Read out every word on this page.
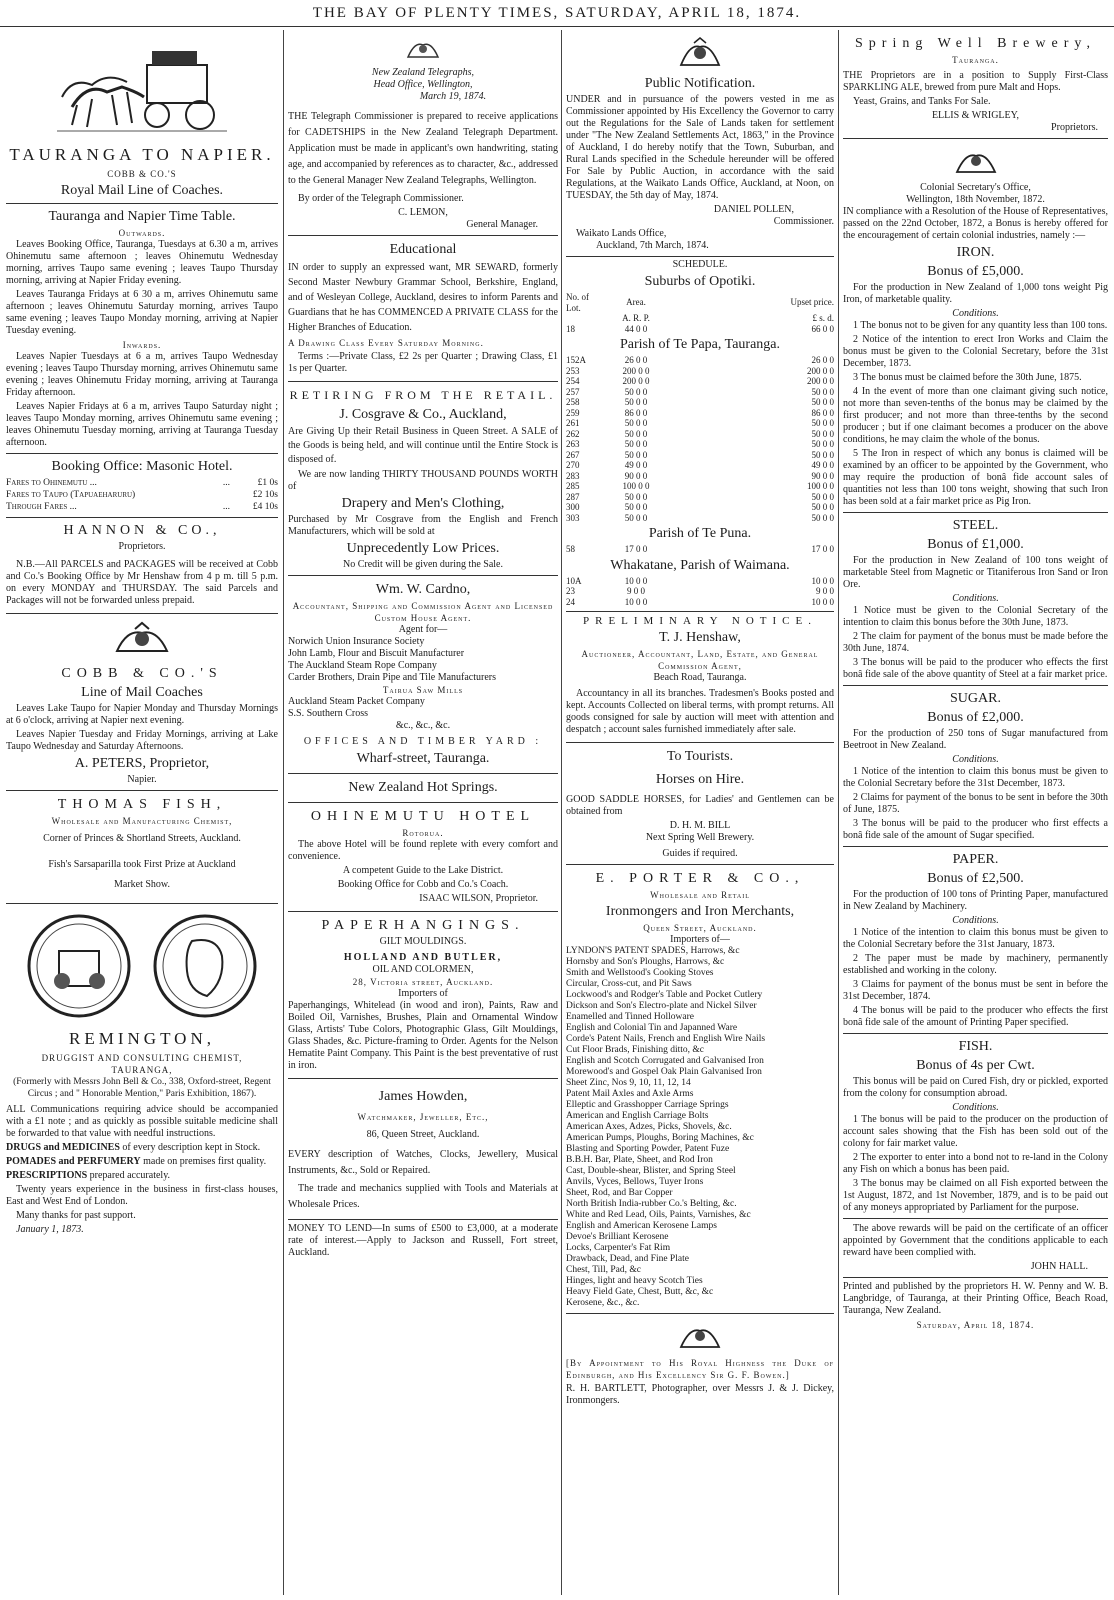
THE BAY OF PLENTY TIMES, SATURDAY, APRIL 18, 1874.
TAURANGA TO NAPIER.
COBB & CO.'S
Royal Mail Line of Coaches.
Tauranga and Napier Time Table.
Outwards.

Leaves Booking Office, Tauranga, Tuesdays at 6.30 a m, arrives Ohinemutu same afternoon ; leaves Ohinemutu Wednesday morning, arrives Taupo same evening ; leaves Taupo Thursday morning, arriving at Napier Friday evening.

Leaves Tauranga Fridays at 6 30 a m, arrives Ohinemutu same afternoon ; leaves Ohinemutu Saturday morning, arrives Taupo same evening ; leaves Taupo Monday morning, arriving at Napier Tuesday evening.

Inwards.

Leaves Napier Tuesdays at 6 a m, arrives Taupo Wednesday evening ; leaves Taupo Thursday morning, arrives Ohinemutu same evening ; leaves Ohinemutu Friday morning, arriving at Tauranga Friday afternoon.

Leaves Napier Fridays at 6 a m, arrives Taupo Saturday night ; leaves Taupo Monday morning, arrives Ohinemutu same evening ; leaves Ohinemutu Tuesday morning, arriving at Tauranga Tuesday afternoon.

Booking Office: Masonic Hotel.
Fares to Ohinemutu ...	...	£1 0s
Fares to Taupo (Tapuaeharuru)	£2 10s
Through Fares ...	...	£4 10s
HANNON & CO.,
Proprietors.

N.B.—All PARCELS and PACKAGES will be received at Cobb and Co.'s Booking Office by Mr Henshaw from 4 p m. till 5 p.m. on every MONDAY and THURSDAY. The said Parcels and Packages will not be forwarded unless prepaid.

COBB & CO.'S
Line of Mail Coaches

Leaves Lake Taupo for Napier Monday and Thursday Mornings at 6 o'clock, arriving at Napier next evening.

Leaves Napier Tuesday and Friday Mornings, arriving at Lake Taupo Wednesday and Saturday Afternoons.

A. PETERS, Proprietor,
Napier.
THOMAS FISH,
Wholesale and Manufacturing Chemist,
Corner of Princes & Shortland Streets, Auckland.
Fish's Sarsaparilla took First Prize at Auckland
Market Show.
REMINGTON,
DRUGGIST AND CONSULTING CHEMIST,
TAURANGA,

(Formerly with Messrs John Bell & Co., 338, Oxford-street, Regent Circus ; and " Honorable Mention," Paris Exhibition, 1867).

ALL Communications requiring advice should be accompanied with a £1 note ; and as quickly as possible suitable medicine shall be forwarded to that value with needful instructions.

DRUGS and MEDICINES of every description kept in Stock.

POMADES and PERFUMERY made on premises first quality.

PRESCRIPTIONS prepared accurately.

Twenty years experience in the business in first-class houses, East and West End of London.

Many thanks for past support.

January 1, 1873.

New Zealand Telegraphs,
Head Office, Wellington,
March 19, 1874.

THE Telegraph Commissioner is prepared to receive applications for CADETSHIPS in the New Zealand Telegraph Department. Application must be made in applicant's own handwriting, stating age, and accompanied by references as to character, &c., addressed to the General Manager New Zealand Telegraphs, Wellington.

By order of the Telegraph Commissioner.

C. LEMON,
General Manager.
Educational

IN order to supply an expressed want, MR SEWARD, formerly Second Master Newbury Grammar School, Berkshire, England, and of Wesleyan College, Auckland, desires to inform Parents and Guardians that he has COMMENCED A PRIVATE CLASS for the Higher Branches of Education.

A Drawing Class Every Saturday Morning.

Terms :—Private Class, £2 2s per Quarter ; Drawing Class, £1 1s per Quarter.

RETIRING FROM THE RETAIL.
J. Cosgrave & Co., Auckland,

Are Giving Up their Retail Business in Queen Street. A SALE of the Goods is being held, and will continue until the Entire Stock is disposed of.

We are now landing THIRTY THOUSAND POUNDS WORTH of

Drapery and Men's Clothing,

Purchased by Mr Cosgrave from the English and French Manufacturers, which will be sold at

Unprecedently Low Prices.
No Credit will be given during the Sale.
Wm. W. Cardno,
Accountant, Shipping and Commission Agent and Licensed Custom House Agent.
Agent for—

Norwich Union Insurance Society

John Lamb, Flour and Biscuit Manufacturer

The Auckland Steam Rope Company

Carder Brothers, Drain Pipe and Tile Manufacturers

Tairua Saw Mills

Auckland Steam Packet Company

S.S. Southern Cross

&c., &c., &c.
OFFICES AND TIMBER YARD :
Wharf-street, Tauranga.
New Zealand Hot Springs.
OHINEMUTU HOTEL
Rotorua.

The above Hotel will be found replete with every comfort and convenience.

A competent Guide to the Lake District.

Booking Office for Cobb and Co.'s Coach.

ISAAC WILSON, Proprietor.

PAPERHANGINGS.
GILT MOULDINGS.
HOLLAND AND BUTLER,
OIL AND COLORMEN,
28, Victoria street, Auckland.
Importers of

Paperhangings, Whitelead (in wood and iron), Paints, Raw and Boiled Oil, Varnishes, Brushes, Plain and Ornamental Window Glass, Artists' Tube Colors, Photographic Glass, Gilt Mouldings, Glass Shades, &c. Picture-framing to Order. Agents for the Nelson Hematite Paint Company. This Paint is the best preventative of rust in iron.

James Howden,
Watchmaker, Jeweller, Etc.,
86, Queen Street, Auckland.

EVERY description of Watches, Clocks, Jewellery, Musical Instruments, &c., Sold or Repaired.

The trade and mechanics supplied with Tools and Materials at Wholesale Prices.

MONEY TO LEND—In sums of £500 to £3,000, at a moderate rate of interest.—Apply to Jackson and Russell, Fort street, Auckland.

Public Notification.

UNDER and in pursuance of the powers vested in me as Commissioner appointed by His Excellency the Governor to carry out the Regulations for the Sale of Lands taken for settlement under "The New Zealand Settlements Act, 1863," in the Province of Auckland, I do hereby notify that the Town, Suburban, and Rural Lands specified in the Schedule hereunder will be offered For Sale by Public Auction, in accordance with the said Regulations, at the Waikato Lands Office, Auckland, at Noon, on TUESDAY, the 5th day of May, 1874.

DANIEL POLLEN,
Commissioner.
Waikato Lands Office,
Auckland, 7th March, 1874.
SCHEDULE.
Suburbs of Opotiki.
No. of Lot.	Area.	Upset price.
	A. R. P.	£ s. d.
18	44 0 0	66 0 0
Parish of Te Papa, Tauranga.
152A	26 0 0	26 0 0
253	200 0 0	200 0 0
254	200 0 0	200 0 0
257	50 0 0	50 0 0
258	50 0 0	50 0 0
259	86 0 0	86 0 0
261	50 0 0	50 0 0
262	50 0 0	50 0 0
263	50 0 0	50 0 0
267	50 0 0	50 0 0
270	49 0 0	49 0 0
283	90 0 0	90 0 0
285	100 0 0	100 0 0
287	50 0 0	50 0 0
300	50 0 0	50 0 0
303	50 0 0	50 0 0
Parish of Te Puna.
58	17 0 0	17 0 0
Whakatane, Parish of Waimana.
10A	10 0 0	10 0 0
23	9 0 0	9 0 0
24	10 0 0	10 0 0
PRELIMINARY NOTICE.
T. J. Henshaw,
Auctioneer, Accountant, Land, Estate, and General Commission Agent,
Beach Road, Tauranga.

Accountancy in all its branches. Tradesmen's Books posted and kept. Accounts Collected on liberal terms, with prompt returns. All goods consigned for sale by auction will meet with attention and despatch ; account sales furnished immediately after sale.

To Tourists.
Horses on Hire.

GOOD SADDLE HORSES, for Ladies' and Gentlemen can be obtained from

D. H. M. BILL
Next Spring Well Brewery.
Guides if required.
E. PORTER & CO.,
Wholesale and Retail
Ironmongers and Iron Merchants,
Queen Street, Auckland.
Importers of—

LYNDON'S PATENT SPADES, Harrows, &c

Hornsby and Son's Ploughs, Harrows, &c

Smith and Wellstood's Cooking Stoves

Circular, Cross-cut, and Pit Saws

Lockwood's and Rodger's Table and Pocket Cutlery

Dickson and Son's Electro-plate and Nickel Silver

Enamelled and Tinned Holloware

English and Colonial Tin and Japanned Ware

Corde's Patent Nails, French and English Wire Nails

Cut Floor Brads, Finishing ditto, &c

English and Scotch Corrugated and Galvanised Iron

Morewood's and Gospel Oak Plain Galvanised Iron

Sheet Zinc, Nos 9, 10, 11, 12, 14

Patent Mail Axles and Axle Arms

Elleptic and Grasshopper Carriage Springs

American and English Carriage Bolts

American Axes, Adzes, Picks, Shovels, &c.

American Pumps, Ploughs, Boring Machines, &c

Blasting and Sporting Powder, Patent Fuze

B.B.H. Bar, Plate, Sheet, and Rod Iron

Cast, Double-shear, Blister, and Spring Steel

Anvils, Vyces, Bellows, Tuyer Irons

Sheet, Rod, and Bar Copper

North British India-rubber Co.'s Belting, &c.

White and Red Lead, Oils, Paints, Varnishes, &c

English and American Kerosene Lamps

Devoe's Brilliant Kerosene

Locks, Carpenter's Fat Rim

Drawback, Dead, and Fine Plate

Chest, Till, Pad, &c

Hinges, light and heavy Scotch Ties

Heavy Field Gate, Chest, Butt, &c, &c

Kerosene, &c., &c.

[By Appointment to His Royal Highness the Duke of Edinburgh, and His Excellency Sir G. F. Bowen.]

R. H. BARTLETT, Photographer, over Messrs J. & J. Dickey, Ironmongers.

Spring Well Brewery,
Tauranga.

THE Proprietors are in a position to Supply First-Class SPARKLING ALE, brewed from pure Malt and Hops.

Yeast, Grains, and Tanks For Sale.

ELLIS & WRIGLEY,
Proprietors.
Colonial Secretary's Office,
Wellington, 18th November, 1872.

IN compliance with a Resolution of the House of Representatives, passed on the 22nd October, 1872, a Bonus is hereby offered for the encouragement of certain colonial industries, namely :—

IRON.
Bonus of £5,000.

For the production in New Zealand of 1,000 tons weight Pig Iron, of marketable quality.

Conditions.

1 The bonus not to be given for any quantity less than 100 tons.

2 Notice of the intention to erect Iron Works and Claim the bonus must be given to the Colonial Secretary, before the 31st December, 1873.

3 The bonus must be claimed before the 30th June, 1875.

4 In the event of more than one claimant giving such notice, not more than seven-tenths of the bonus may be claimed by the first producer; and not more than three-tenths by the second producer ; but if one claimant becomes a producer on the above conditions, he may claim the whole of the bonus.

5 The Iron in respect of which any bonus is claimed will be examined by an officer to be appointed by the Government, who may require the production of bonâ fide account sales of quantities not less than 100 tons weight, showing that such Iron has been sold at a fair market price as Pig Iron.

STEEL.
Bonus of £1,000.

For the production in New Zealand of 100 tons weight of marketable Steel from Magnetic or Titaniferous Iron Sand or Iron Ore.

Conditions.

1 Notice must be given to the Colonial Secretary of the intention to claim this bonus before the 30th June, 1873.

2 The claim for payment of the bonus must be made before the 30th June, 1874.

3 The bonus will be paid to the producer who effects the first bonâ fide sale of the above quantity of Steel at a fair market price.

SUGAR.
Bonus of £2,000.

For the production of 250 tons of Sugar manufactured from Beetroot in New Zealand.

Conditions.

1 Notice of the intention to claim this bonus must be given to the Colonial Secretary before the 31st December, 1873.

2 Claims for payment of the bonus to be sent in before the 30th of June, 1875.

3 The bonus will be paid to the producer who first effects a bonâ fide sale of the amount of Sugar specified.

PAPER.
Bonus of £2,500.

For the production of 100 tons of Printing Paper, manufactured in New Zealand by Machinery.

Conditions.

1 Notice of the intention to claim this bonus must be given to the Colonial Secretary before the 31st January, 1873.

2 The paper must be made by machinery, permanently established and working in the colony.

3 Claims for payment of the bonus must be sent in before the 31st December, 1874.

4 The bonus will be paid to the producer who effects the first bonâ fide sale of the amount of Printing Paper specified.

FISH.
Bonus of 4s per Cwt.

This bonus will be paid on Cured Fish, dry or pickled, exported from the colony for consumption abroad.

Conditions.

1 The bonus will be paid to the producer on the production of account sales showing that the Fish has been sold out of the colony for fair market value.

2 The exporter to enter into a bond not to re-land in the Colony any Fish on which a bonus has been paid.

3 The bonus may be claimed on all Fish exported between the 1st August, 1872, and 1st November, 1879, and is to be paid out of any moneys appropriated by Parliament for the purpose.

The above rewards will be paid on the certificate of an officer appointed by Government that the conditions applicable to each reward have been complied with.

JOHN HALL.

Printed and published by the proprietors H. W. Penny and W. B. Langbridge, of Tauranga, at their Printing Office, Beach Road, Tauranga, New Zealand.

Saturday, April 18, 1874.
